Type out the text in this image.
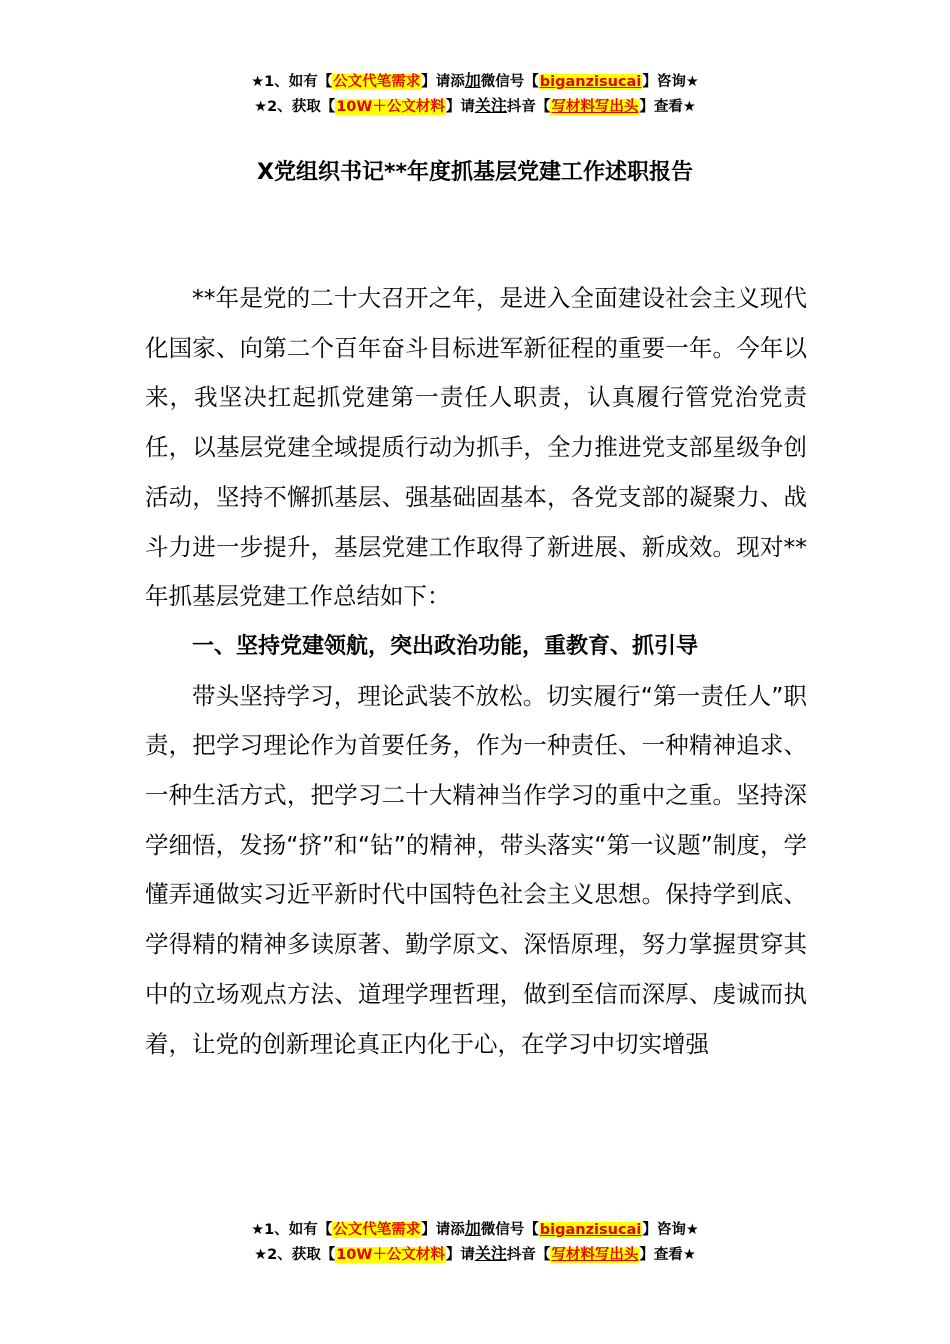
★1、如有【公文代笔需求】请添加微信号【biganzisucai】咨询★
★2、获取【10W＋公文材料】请关注抖音【写材料写出头】查看★
X党组织书记**年度抓基层党建工作述职报告

**年是党的二十大召开之年，是进入全面建设社会主义现代化国家、向第二个百年奋斗目标进军新征程的重要一年。今年以来，我坚决扛起抓党建第一责任人职责，认真履行管党治党责任，以基层党建全域提质行动为抓手，全力推进党支部星级争创活动，坚持不懈抓基层、强基础固基本，各党支部的凝聚力、战斗力进一步提升，基层党建工作取得了新进展、新成效。现对**年抓基层党建工作总结如下：

一、坚持党建领航，突出政治功能，重教育、抓引导

带头坚持学习，理论武装不放松。切实履行“第一责任人”职责，把学习理论作为首要任务，作为一种责任、一种精神追求、一种生活方式，把学习二十大精神当作学习的重中之重。坚持深学细悟，发扬“挤”和“钻”的精神，带头落实“第一议题”制度，学懂弄通做实习近平新时代中国特色社会主义思想。保持学到底、学得精的精神多读原著、勤学原文、深悟原理，努力掌握贯穿其中的立场观点方法、道理学理哲理，做到至信而深厚、虔诚而执着，让党的创新理论真正内化于心，在学习中切实增强

★1、如有【公文代笔需求】请添加微信号【biganzisucai】咨询★
★2、获取【10W＋公文材料】请关注抖音【写材料写出头】查看★
